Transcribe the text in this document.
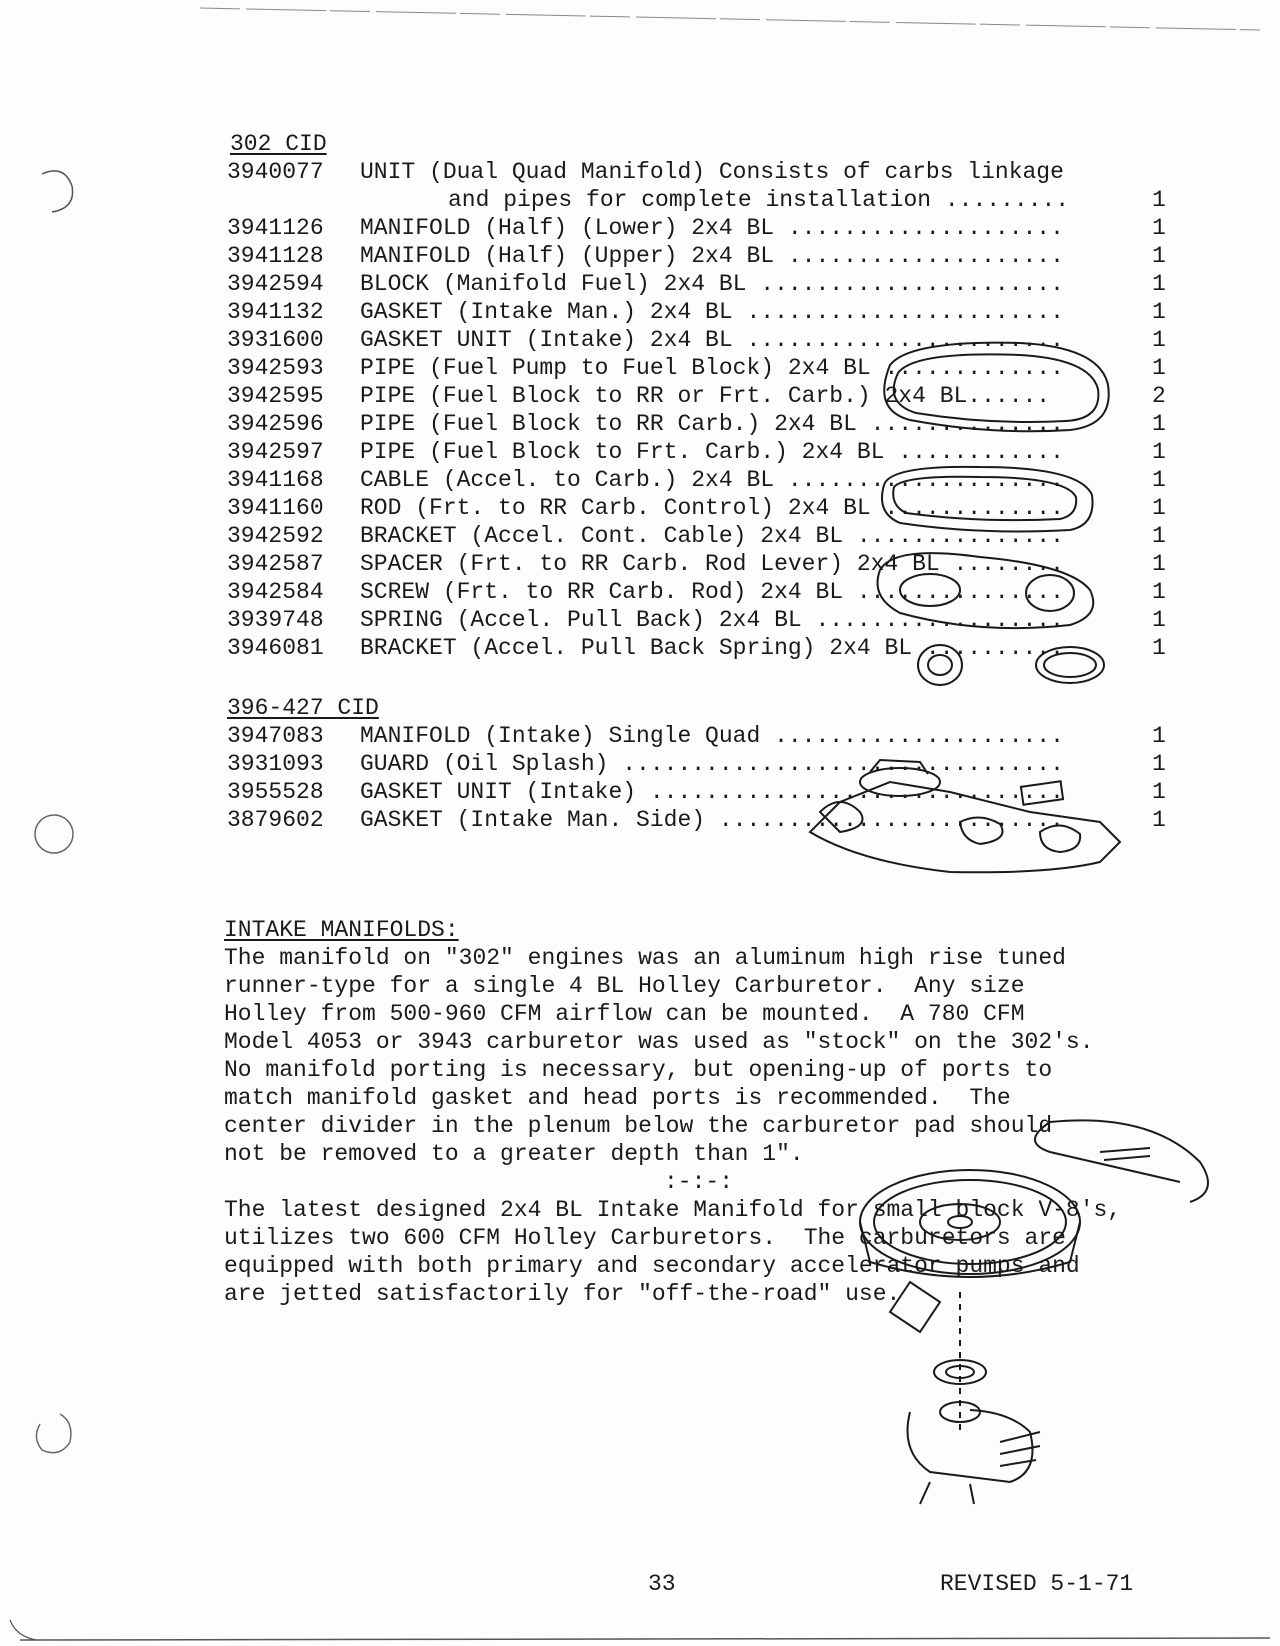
302 CID
3940077	UNIT (Dual Quad Manifold) Consists of carbs linkage
and pipes for complete installation .........	1
3941126	MANIFOLD (Half) (Lower) 2x4 BL ....................	1
3941128	MANIFOLD (Half) (Upper) 2x4 BL ....................	1
3942594	BLOCK (Manifold Fuel) 2x4 BL ......................	1
3941132	GASKET (Intake Man.) 2x4 BL .......................	1
3931600	GASKET UNIT (Intake) 2x4 BL .......................	1
3942593	PIPE (Fuel Pump to Fuel Block) 2x4 BL .............	1
3942595	PIPE (Fuel Block to RR or Frt. Carb.) 2x4 BL......	2
3942596	PIPE (Fuel Block to RR Carb.) 2x4 BL ..............	1
3942597	PIPE (Fuel Block to Frt. Carb.) 2x4 BL ............	1
3941168	CABLE (Accel. to Carb.) 2x4 BL ....................	1
3941160	ROD (Frt. to RR Carb. Control) 2x4 BL .............	1
3942592	BRACKET (Accel. Cont. Cable) 2x4 BL ...............	1
3942587	SPACER (Frt. to RR Carb. Rod Lever) 2x4 BL ........	1
3942584	SCREW (Frt. to RR Carb. Rod) 2x4 BL ...............	1
3939748	SPRING (Accel. Pull Back) 2x4 BL ..................	1
3946081	BRACKET (Accel. Pull Back Spring) 2x4 BL ..........	1
396-427 CID
3947083	MANIFOLD (Intake) Single Quad .....................	1
3931093	GUARD (Oil Splash) ................................	1
3955528	GASKET UNIT (Intake) ..............................	1
3879602	GASKET (Intake Man. Side) .........................	1
INTAKE MANIFOLDS:
The manifold on "302" engines was an aluminum high rise tuned
runner-type for a single 4 BL Holley Carburetor.  Any size
Holley from 500-960 CFM airflow can be mounted.  A 780 CFM
Model 4053 or 3943 carburetor was used as "stock" on the 302's.
No manifold porting is necessary, but opening-up of ports to
match manifold gasket and head ports is recommended.  The
center divider in the plenum below the carburetor pad should
not be removed to a greater depth than 1".
:-:-:
The latest designed 2x4 BL Intake Manifold for small block V-8's,
utilizes two 600 CFM Holley Carburetors.  The carburetors are
equipped with both primary and secondary accelerator pumps and
are jetted satisfactorily for "off-the-road" use.
33	REVISED 5-1-71
